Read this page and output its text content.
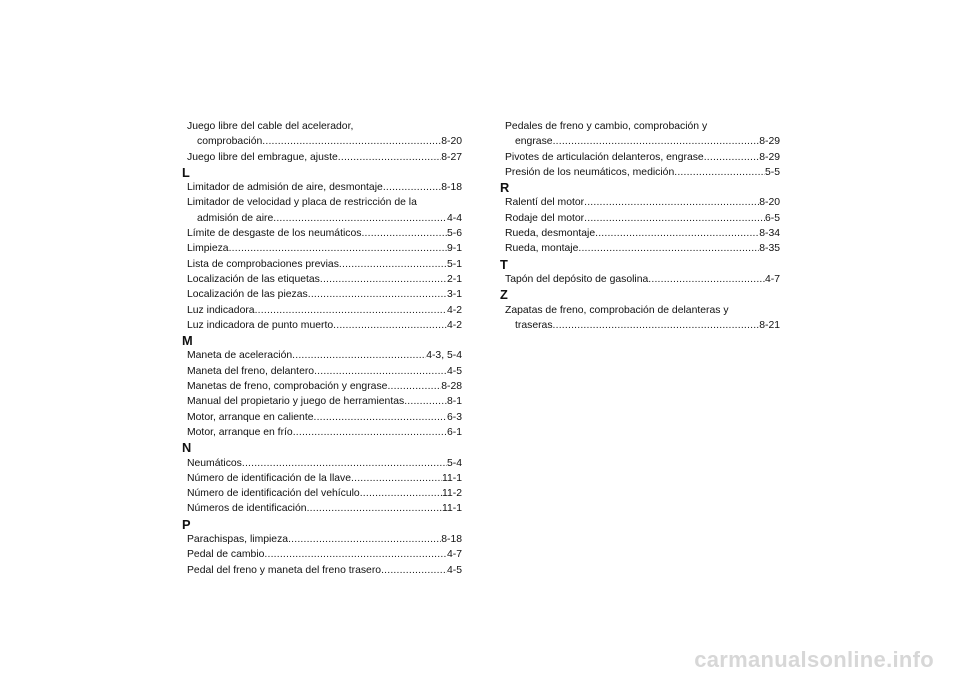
Juego libre del cable del acelerador,
comprobación .....	8-20
Juego libre del embrague, ajuste .....	8-27
L
Limitador de admisión de aire, desmontaje .....	8-18
Limitador de velocidad y placa de restricción de la
admisión de aire .....	4-4
Límite de desgaste de los neumáticos .....	5-6
Limpieza .....	9-1
Lista de comprobaciones previas .....	5-1
Localización de las etiquetas .....	2-1
Localización de las piezas .....	3-1
Luz indicadora .....	4-2
Luz indicadora de punto muerto .....	4-2
M
Maneta de aceleración .....	4-3, 5-4
Maneta del freno, delantero .....	4-5
Manetas de freno, comprobación y engrase .....	8-28
Manual del propietario y juego de herramientas .....	8-1
Motor, arranque en caliente .....	6-3
Motor, arranque en frío .....	6-1
N
Neumáticos .....	5-4
Número de identificación de la llave .....	11-1
Número de identificación del vehículo .....	11-2
Números de identificación .....	11-1
P
Parachispas, limpieza .....	8-18
Pedal de cambio .....	4-7
Pedal del freno y maneta del freno trasero .....	4-5
Pedales de freno y cambio, comprobación y
engrase .....	8-29
Pivotes de articulación delanteros, engrase .....	8-29
Presión de los neumáticos, medición .....	5-5
R
Ralentí del motor .....	8-20
Rodaje del motor .....	6-5
Rueda, desmontaje .....	8-34
Rueda, montaje .....	8-35
T
Tapón del depósito de gasolina .....	4-7
Z
Zapatas de freno, comprobación de delanteras y
traseras .....	8-21
carmanualsonline.info
